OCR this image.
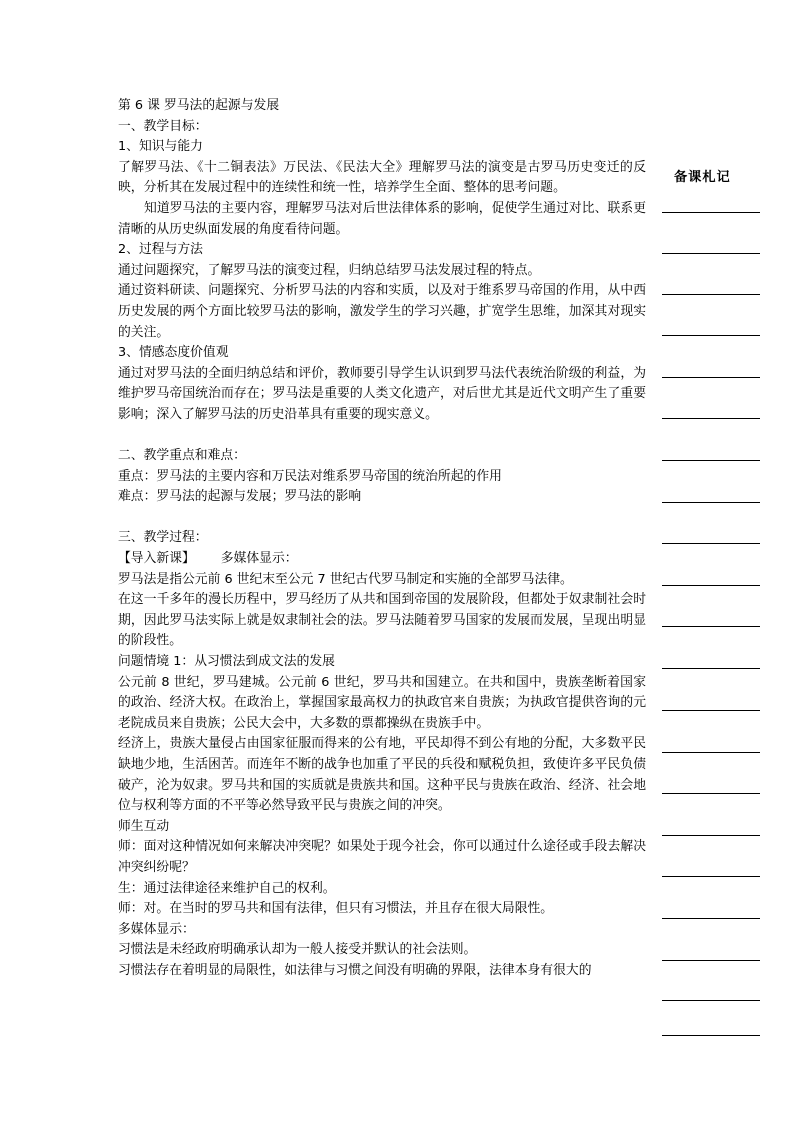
第 6 课 罗马法的起源与发展
一、教学目标：
1、知识与能力
了解罗马法、《十二铜表法》万民法、《民法大全》理解罗马法的演变是古罗马历史变迁的反映，分析其在发展过程中的连续性和统一性，培养学生全面、整体的思考问题。
知道罗马法的主要内容，理解罗马法对后世法律体系的影响，促使学生通过对比、联系更清晰的从历史纵面发展的角度看待问题。
2、过程与方法
通过问题探究，了解罗马法的演变过程，归纳总结罗马法发展过程的特点。
通过资料研读、问题探究、分析罗马法的内容和实质，以及对于维系罗马帝国的作用，从中西历史发展的两个方面比较罗马法的影响，激发学生的学习兴趣，扩宽学生思维，加深其对现实的关注。
3、情感态度价值观
通过对罗马法的全面归纳总结和评价，教师要引导学生认识到罗马法代表统治阶级的利益，为维护罗马帝国统治而存在；罗马法是重要的人类文化遗产，对后世尤其是近代文明产生了重要影响；深入了解罗马法的历史沿革具有重要的现实意义。
二、教学重点和难点：
重点：罗马法的主要内容和万民法对维系罗马帝国的统治所起的作用
难点：罗马法的起源与发展；罗马法的影响
三、教学过程：
【导入新课】 多媒体显示：
罗马法是指公元前 6 世纪末至公元 7 世纪古代罗马制定和实施的全部罗马法律。
在这一千多年的漫长历程中，罗马经历了从共和国到帝国的发展阶段，但都处于奴隶制社会时期，因此罗马法实际上就是奴隶制社会的法。罗马法随着罗马国家的发展而发展，呈现出明显的阶段性。
问题情境 1：从习惯法到成文法的发展
公元前 8 世纪，罗马建城。公元前 6 世纪，罗马共和国建立。在共和国中，贵族垄断着国家的政治、经济大权。在政治上，掌握国家最高权力的执政官来自贵族；为执政官提供咨询的元老院成员来自贵族；公民大会中，大多数的票都操纵在贵族手中。
经济上，贵族大量侵占由国家征服而得来的公有地，平民却得不到公有地的分配，大多数平民缺地少地，生活困苦。而连年不断的战争也加重了平民的兵役和赋税负担，致使许多平民负债破产，沦为奴隶。罗马共和国的实质就是贵族共和国。这种平民与贵族在政治、经济、社会地位与权利等方面的不平等必然导致平民与贵族之间的冲突。
师生互动
师：面对这种情况如何来解决冲突呢？如果处于现今社会，你可以通过什么途径或手段去解决冲突纠纷呢？
生：通过法律途径来维护自己的权利。
师：对。在当时的罗马共和国有法律，但只有习惯法，并且存在很大局限性。
多媒体显示：
习惯法是未经政府明确承认却为一般人接受并默认的社会法则。
习惯法存在着明显的局限性，如法律与习惯之间没有明确的界限，法律本身有很大的
备课札记
